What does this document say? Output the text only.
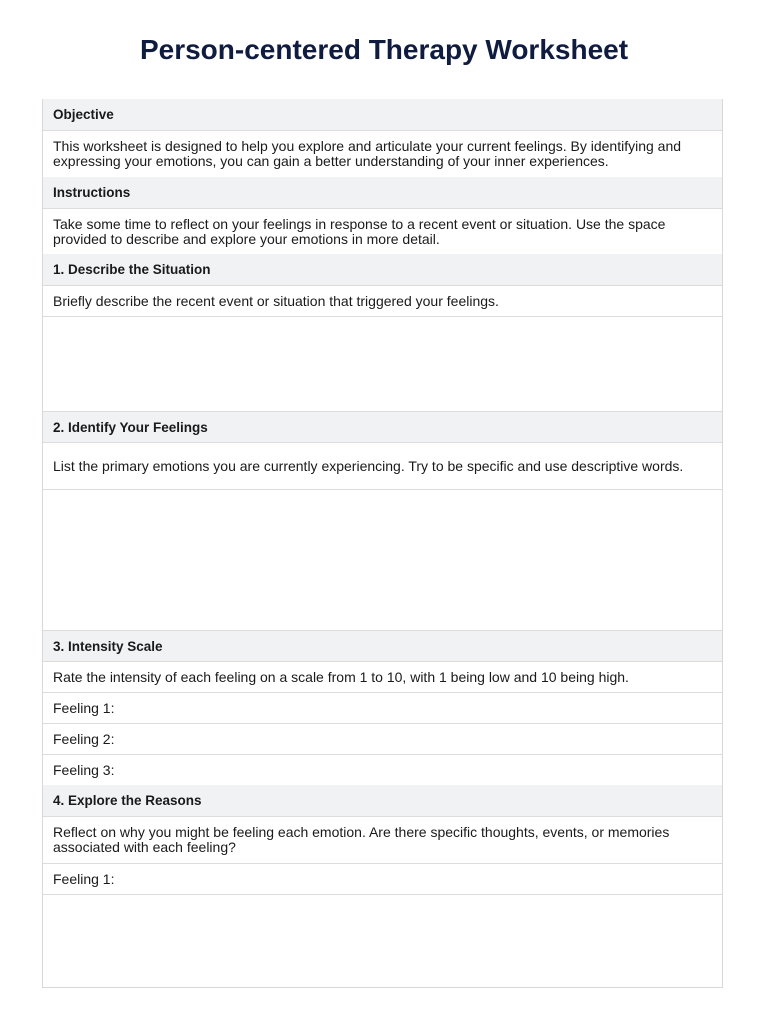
Person-centered Therapy Worksheet
Objective
This worksheet is designed to help you explore and articulate your current feelings. By identifying and expressing your emotions, you can gain a better understanding of your inner experiences.
Instructions
Take some time to reflect on your feelings in response to a recent event or situation. Use the space provided to describe and explore your emotions in more detail.
1. Describe the Situation
Briefly describe the recent event or situation that triggered your feelings.
2. Identify Your Feelings
List the primary emotions you are currently experiencing. Try to be specific and use descriptive words.
3. Intensity Scale
Rate the intensity of each feeling on a scale from 1 to 10, with 1 being low and 10 being high.
Feeling 1:
Feeling 2:
Feeling 3:
4. Explore the Reasons
Reflect on why you might be feeling each emotion. Are there specific thoughts, events, or memories associated with each feeling?
Feeling 1:
